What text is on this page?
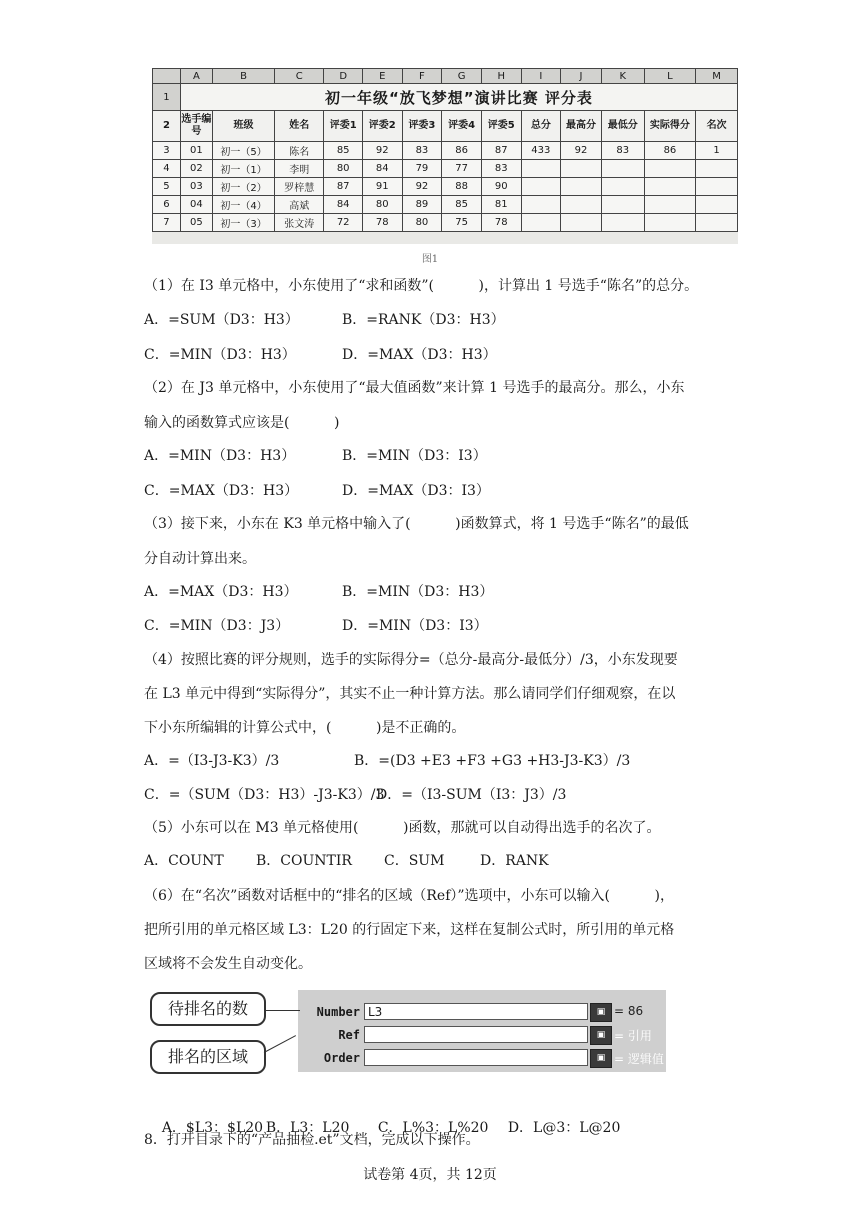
	A	B	C	D	E	F	G	H	I	J	K	L	M
1	初一年级“放飞梦想”演讲比赛 评分表												
2	选手编号	班级	姓名	评委1	评委2	评委3	评委4	评委5	总分	最高分	最低分	实际得分	名次
3	01	初一（5）	陈名	85	92	83	86	87	433	92	83	86	1
4	02	初一（1）	李明	80	84	79	77	83					
5	03	初一（2）	罗梓慧	87	91	92	88	90					
6	04	初一（4）	高斌	84	80	89	85	81					
7	05	初一（3）	张文涛	72	78	80	75	78					
图1
（1）在 I3 单元格中，小东使用了“求和函数”(          )，计算出 1 号选手“陈名”的总分。
A．=SUM（D3：H3）	B．=RANK（D3：H3）
C．=MIN（D3：H3）	D．=MAX（D3：H3）
（2）在 J3 单元格中，小东使用了“最大值函数”来计算 1 号选手的最高分。那么，小东
输入的函数算式应该是(          )
A．=MIN（D3：H3）	B．=MIN（D3：I3）
C．=MAX（D3：H3）	D．=MAX（D3：I3）
（3）接下来，小东在 K3 单元格中输入了(          )函数算式，将 1 号选手“陈名”的最低
分自动计算出来。
A．=MAX（D3：H3）	B．=MIN（D3：H3）
C．=MIN（D3：J3）	D．=MIN（D3：I3）
（4）按照比赛的评分规则，选手的实际得分=（总分-最高分-最低分）/3，小东发现要
在 L3 单元中得到“实际得分”，其实不止一种计算方法。那么请同学们仔细观察，在以
下小东所编辑的计算公式中，(          )是不正确的。
A．=（I3-J3-K3）/3	B．=(D3 +E3 +F3 +G3 +H3-J3-K3）/3
C．=（SUM（D3：H3）-J3-K3）/3D．=（I3-SUM（I3：J3）/3
（5）小东可以在 M3 单元格使用(          )函数，那就可以自动得出选手的名次了。
A．COUNT B．COUNTIR C．SUM	D．RANK
（6）在“名次”函数对话框中的“排名的区域（Ref）”选项中，小东可以输入(          )，
把所引用的单元格区域 L3：L20 的行固定下来，这样在复制公式时，所引用的单元格
区域将不会发生自动变化。
待排名的数
排名的区域
Number L3	▣ = 86
Ref	▣ = 引用
Order	▣ = 逻辑值

A．$L3：$L20 B．L3：L20 C．L%3：L%20 D．L@3：L@20

8．打开目录下的“产品抽检.et”文档，完成以下操作。
试卷第 4页，共 12页
